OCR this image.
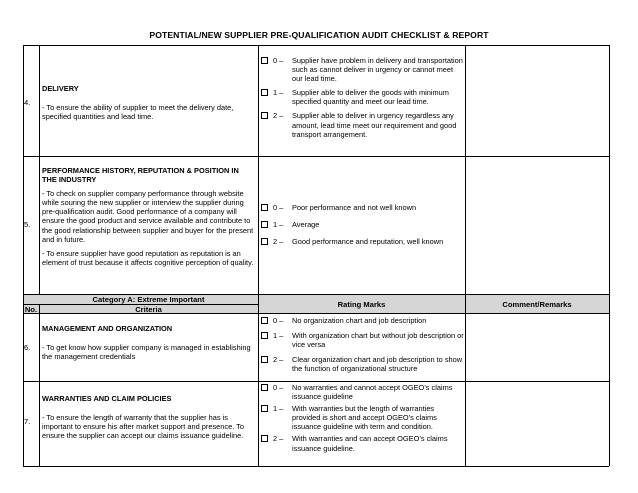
POTENTIAL/NEW SUPPLIER PRE-QUALIFICATION AUDIT CHECKLIST & REPORT
Category A: Extreme Important
No.	Criteria
Rating Marks	Comment/Remarks
4.
DELIVERY
- To ensure the ability of supplier to meet the delivery date, specified quantities and lead time.
0 – Supplier have problem in delivery and transportation such as cannot deliver in urgency or cannot meet our lead time.
1 – Supplier able to deliver the goods with minimum specified quantity and meet our lead time.
2 – Supplier able to deliver in urgency regardless any amount, lead time meet our requirement and good transport arrangement.
5.
PERFORMANCE HISTORY, REPUTATION & POSITION IN THE INDUSTRY
- To check on supplier company performance through website while souring the new supplier or interview the supplier during pre-qualification audit. Good performance of a company will ensure the good product and service available and contribute to the good relationship between supplier and buyer for the present and in future.
- To ensure supplier have good reputation as reputation is an element of trust because it affects cognitive perception of quality.
0 – Poor performance and not well known
1 – Average
2 – Good performance and reputation, well known
6.
MANAGEMENT AND ORGANIZATION
- To get know how supplier company is managed in establishing the management credentials
0 – No organization chart and job description
1 – With organization chart but without job description or vice versa
2 – Clear organization chart and job description to show the function of organizational structure
7.
WARRANTIES AND CLAIM POLICIES
- To ensure the length of warranty that the supplier has is important to ensure his after market support and presence. To ensure the supplier can accept our claims issuance guideline.
0 – No warranties and cannot accept OGEO’s claims issuance guideline
1 – With warranties but the length of warranties provided is short and accept OGEO’s claims issuance guideline with term and condition.
2 – With warranties and can accept OGEO’s claims issuance guideline.
